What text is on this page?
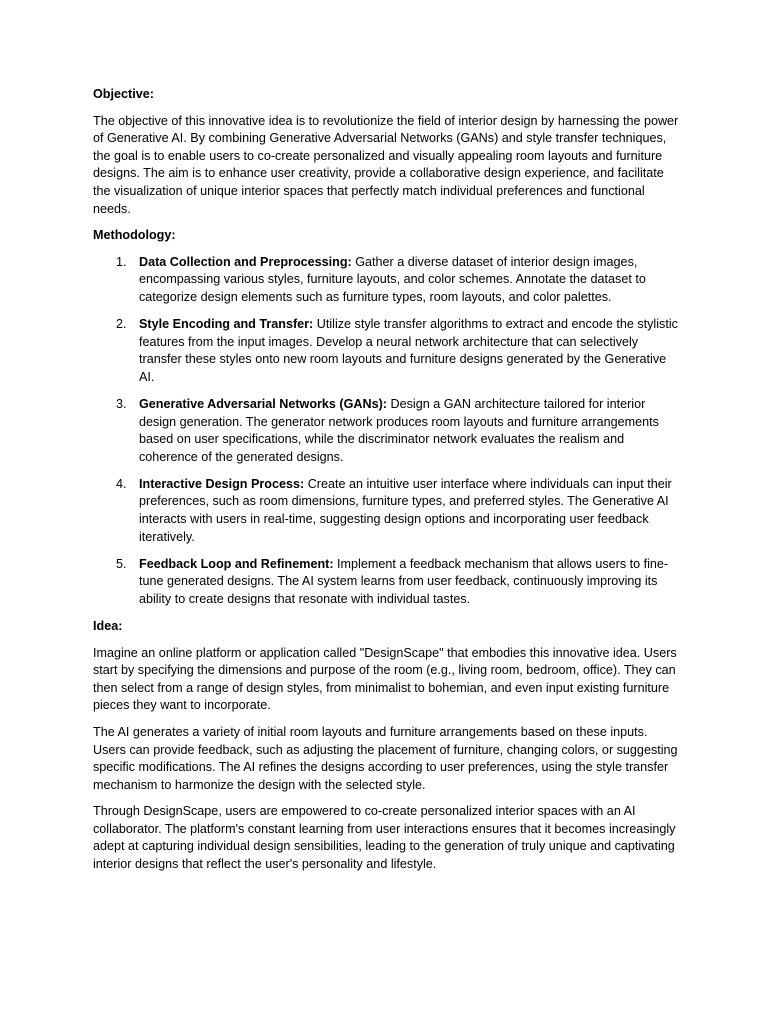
Objective:
The objective of this innovative idea is to revolutionize the field of interior design by harnessing the power of Generative AI. By combining Generative Adversarial Networks (GANs) and style transfer techniques, the goal is to enable users to co-create personalized and visually appealing room layouts and furniture designs. The aim is to enhance user creativity, provide a collaborative design experience, and facilitate the visualization of unique interior spaces that perfectly match individual preferences and functional needs.
Methodology:
1. Data Collection and Preprocessing: Gather a diverse dataset of interior design images, encompassing various styles, furniture layouts, and color schemes. Annotate the dataset to categorize design elements such as furniture types, room layouts, and color palettes.
2. Style Encoding and Transfer: Utilize style transfer algorithms to extract and encode the stylistic features from the input images. Develop a neural network architecture that can selectively transfer these styles onto new room layouts and furniture designs generated by the Generative AI.
3. Generative Adversarial Networks (GANs): Design a GAN architecture tailored for interior design generation. The generator network produces room layouts and furniture arrangements based on user specifications, while the discriminator network evaluates the realism and coherence of the generated designs.
4. Interactive Design Process: Create an intuitive user interface where individuals can input their preferences, such as room dimensions, furniture types, and preferred styles. The Generative AI interacts with users in real-time, suggesting design options and incorporating user feedback iteratively.
5. Feedback Loop and Refinement: Implement a feedback mechanism that allows users to fine-tune generated designs. The AI system learns from user feedback, continuously improving its ability to create designs that resonate with individual tastes.
Idea:
Imagine an online platform or application called "DesignScape" that embodies this innovative idea. Users start by specifying the dimensions and purpose of the room (e.g., living room, bedroom, office). They can then select from a range of design styles, from minimalist to bohemian, and even input existing furniture pieces they want to incorporate.
The AI generates a variety of initial room layouts and furniture arrangements based on these inputs. Users can provide feedback, such as adjusting the placement of furniture, changing colors, or suggesting specific modifications. The AI refines the designs according to user preferences, using the style transfer mechanism to harmonize the design with the selected style.
Through DesignScape, users are empowered to co-create personalized interior spaces with an AI collaborator. The platform's constant learning from user interactions ensures that it becomes increasingly adept at capturing individual design sensibilities, leading to the generation of truly unique and captivating interior designs that reflect the user's personality and lifestyle.
